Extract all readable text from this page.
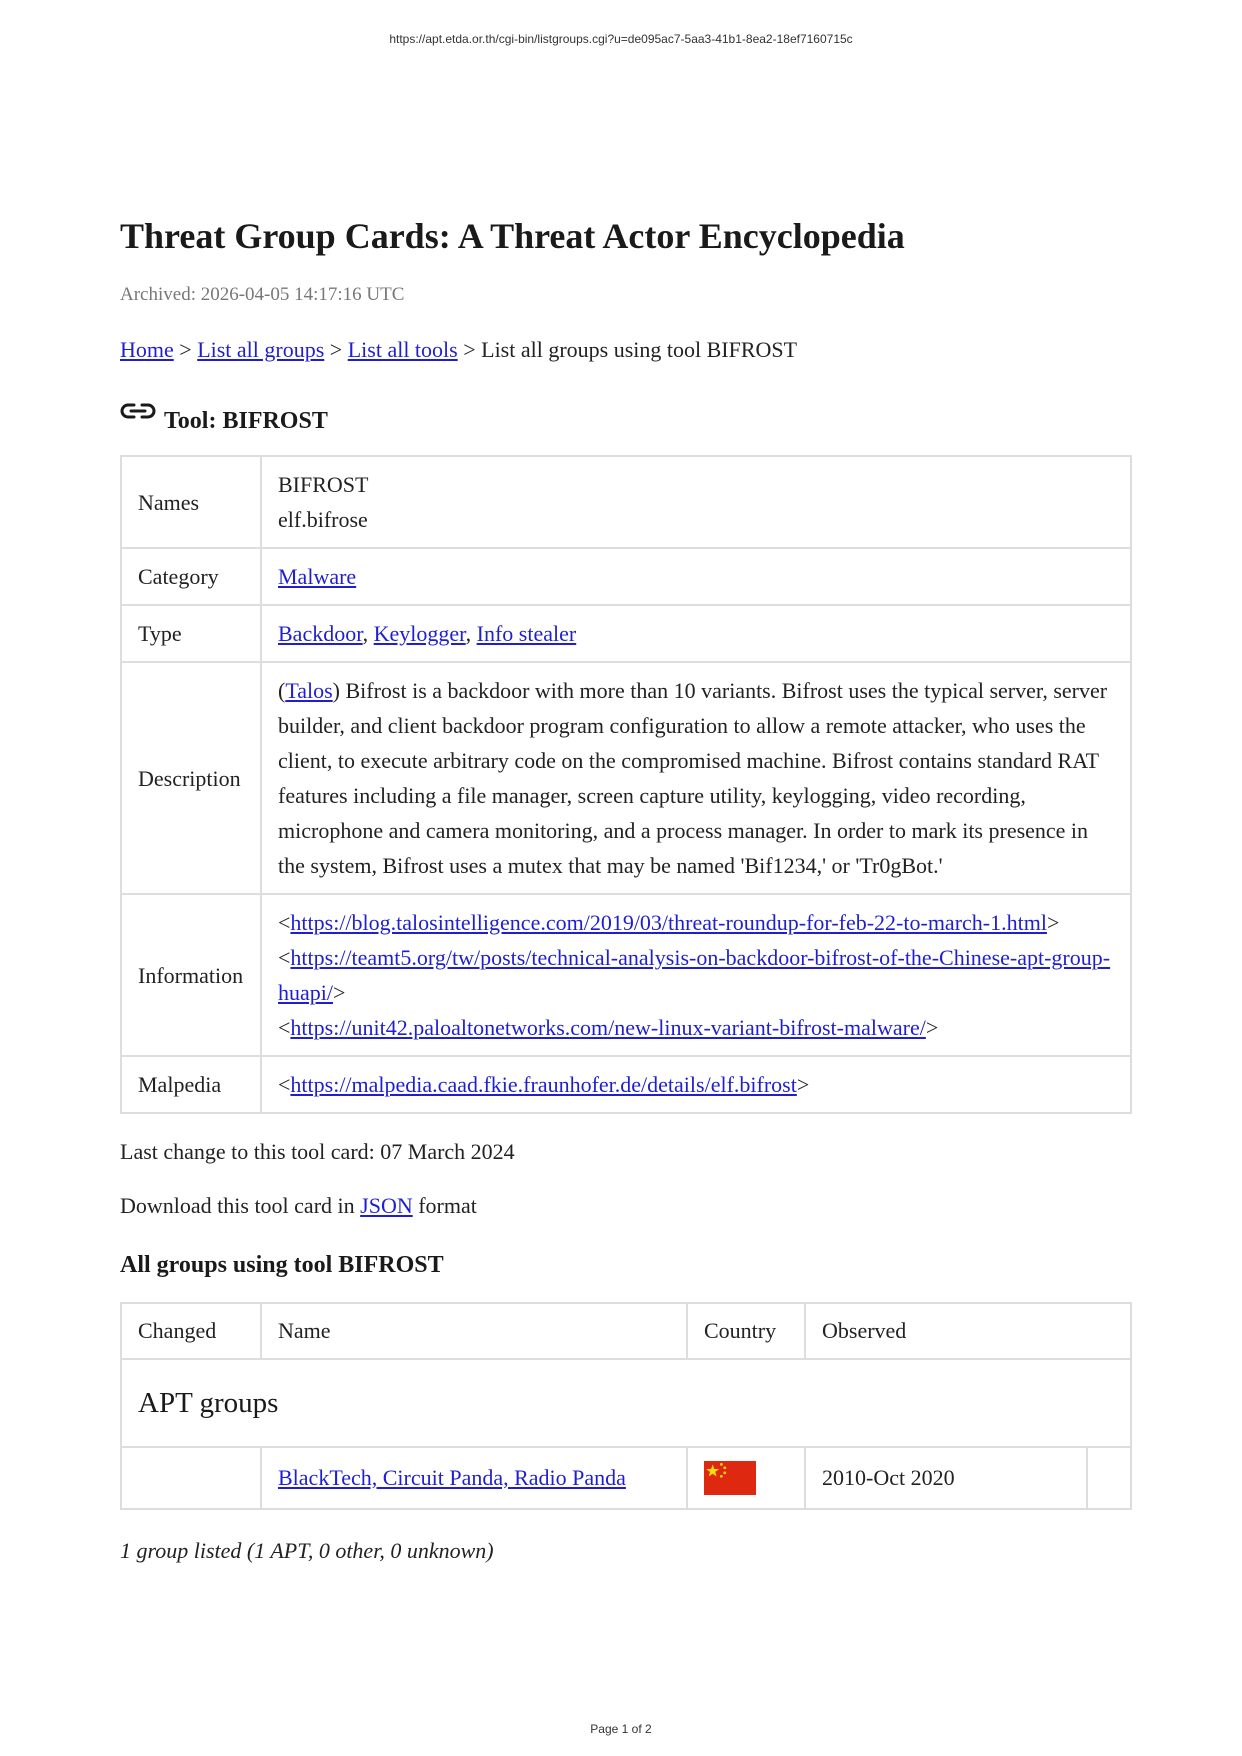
https://apt.etda.or.th/cgi-bin/listgroups.cgi?u=de095ac7-5aa3-41b1-8ea2-18ef7160715c
Threat Group Cards: A Threat Actor Encyclopedia
Archived: 2026-04-05 14:17:16 UTC
Home > List all groups > List all tools > List all groups using tool BIFROST
Tool: BIFROST
Names	BIFROST
elf.bifrose

Category	Malware
Type	Backdoor, Keylogger, Info stealer
Description	(Talos) Bifrost is a backdoor with more than 10 variants. Bifrost uses the typical server, server builder, and client backdoor program configuration to allow a remote attacker, who uses the client, to execute arbitrary code on the compromised machine. Bifrost contains standard RAT features including a file manager, screen capture utility, keylogging, video recording, microphone and camera monitoring, and a process manager. In order to mark its presence in the system, Bifrost uses a mutex that may be named 'Bif1234,' or 'Tr0gBot.'
Information	<https://blog.talosintelligence.com/2019/03/threat-roundup-for-feb-22-to-march-1.html>
<https://teamt5.org/tw/posts/technical-analysis-on-backdoor-bifrost-of-the-Chinese-apt-group-huapi/>
<https://unit42.paloaltonetworks.com/new-linux-variant-bifrost-malware/>

Malpedia	<https://malpedia.caad.fkie.fraunhofer.de/details/elf.bifrost>
Last change to this tool card: 07 March 2024
Download this tool card in JSON format
All groups using tool BIFROST
Changed	Name	Country	Observed	
APT groups				
	BlackTech, Circuit Panda, Radio Panda		2010-Oct 2020	
1 group listed (1 APT, 0 other, 0 unknown)
Page 1 of 2
